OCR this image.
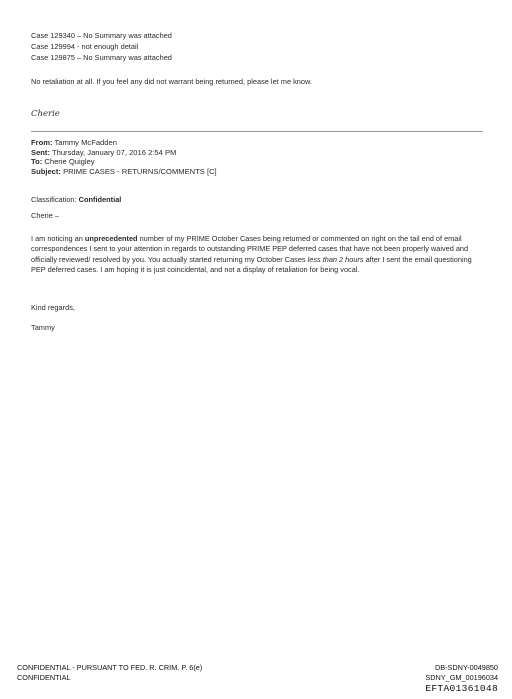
Case 129340 – No Summary was attached
Case 129994 - not enough detail
Case 129875 – No Summary was attached
No retaliation at all. If you feel any did not warrant being returned, please let me know.
Cherie
From: Tammy McFadden
Sent: Thursday, January 07, 2016 2:54 PM
To: Cherie Quigley
Subject: PRIME CASES - RETURNS/COMMENTS [C]
Classification: Confidential
Cherie –
I am noticing an unprecedented number of my PRIME October Cases being returned or commented on right on the tail end of email correspondences I sent to your attention in regards to outstanding PRIME PEP deferred cases that have not been properly waived and officially reviewed/ resolved by you. You actually started returning my October Cases less than 2 hours after I sent the email questioning PEP deferred cases. I am hoping it is just coincidental, and not a display of retaliation for being vocal.
Kind regards,
Tammy
CONFIDENTIAL - PURSUANT TO FED. R. CRIM. P. 6(e)
CONFIDENTIAL
DB-SDNY-0049850
SDNY_GM_00196034
EFTA01361048
